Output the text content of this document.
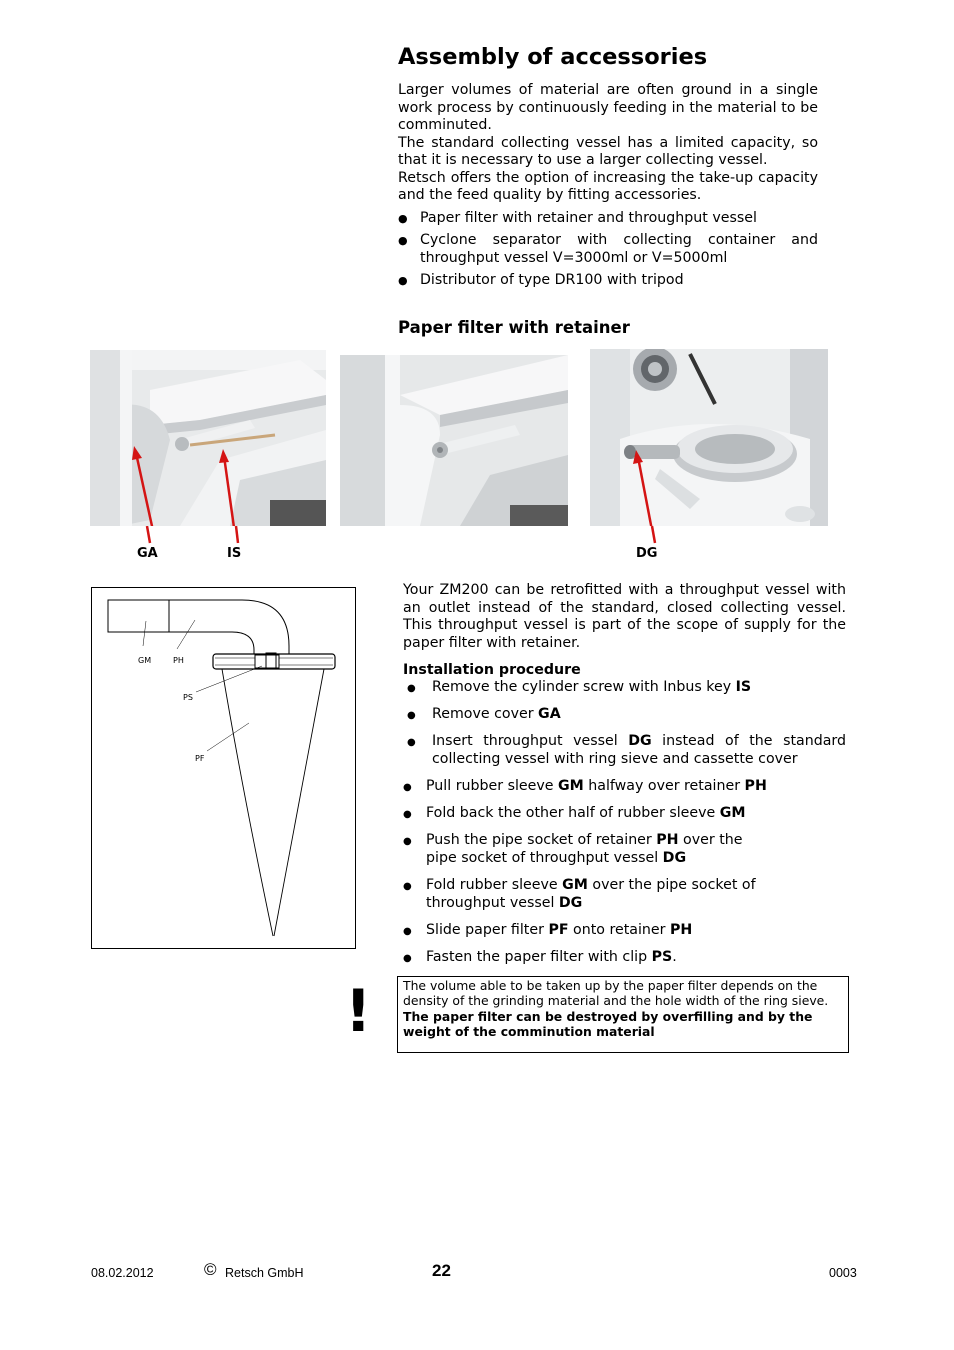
Assembly of accessories

Larger volumes of material are often ground in a single work process by continuously feeding in the material to be comminuted.

The standard collecting vessel has a limited capacity, so that it is necessary to use a larger collecting vessel.

Retsch offers the option of increasing the take-up capacity and the feed quality by fitting accessories.

● Paper filter with retainer and throughput vessel
● Cyclone separator with collecting container and throughput vessel V=3000ml or V=5000ml
● Distributor of type DR100 with tripod
Paper filter with retainer
GA	IS	DG
GM	PH
PS
PF

Your ZM200 can be retrofitted with a throughput vessel with an outlet instead of the standard, closed collecting vessel. This throughput vessel is part of the scope of supply for the paper filter with retainer.

Installation procedure
● Remove the cylinder screw with Inbus key IS
● Remove cover GA
● Insert throughput vessel DG instead of the standard collecting vessel with ring sieve and cassette cover
● Pull rubber sleeve GM halfway over retainer PH
● Fold back the other half of rubber sleeve GM
● Push the pipe socket of retainer PH over the pipe socket of throughput vessel DG
● Fold rubber sleeve GM over the pipe socket of throughput vessel DG
● Slide paper filter PF onto retainer PH
● Fasten the paper filter with clip PS.
!	The volume able to be taken up by the paper filter depends on the density of the grinding material and the hole width of the ring sieve.
The paper filter can be destroyed by overfilling and by the weight of the comminution material
08.02.2012	© Retsch GmbH	22	0003
